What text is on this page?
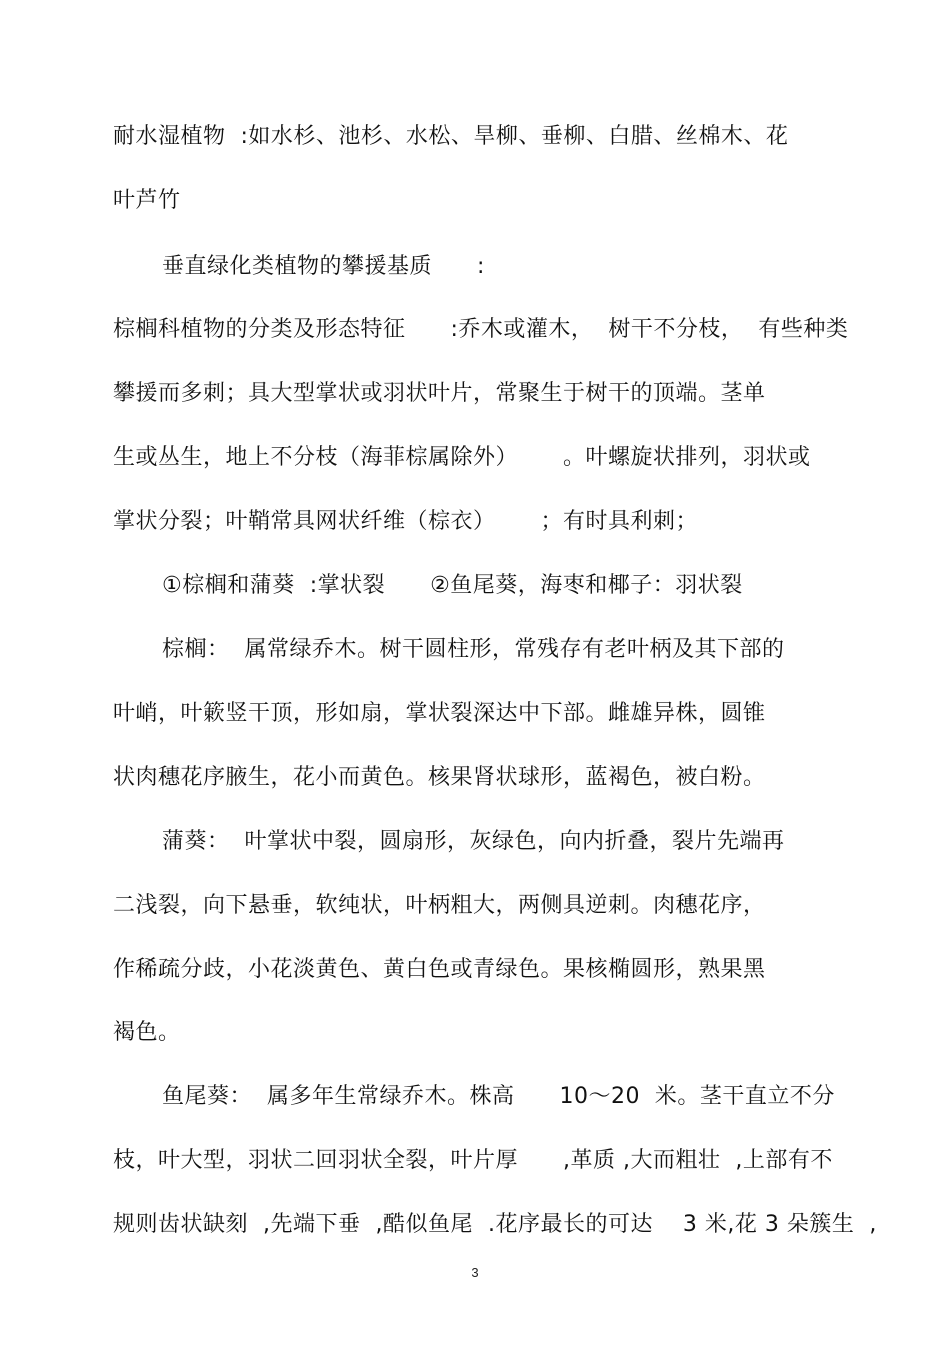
耐水湿植物  :如水杉、池杉、水松、旱柳、垂柳、白腊、丝棉木、花
叶芦竹
垂直绿化类植物的攀援基质      :
棕榈科植物的分类及形态特征      :乔木或灌木，  树干不分枝，  有些种类
攀援而多刺；具大型掌状或羽状叶片，常聚生于树干的顶端。茎单
生或丛生，地上不分枝（海菲棕属除外）      。叶螺旋状排列，羽状或
掌状分裂；叶鞘常具网状纤维（棕衣）      ；有时具利刺；
①棕榈和蒲葵  :掌状裂      ②鱼尾葵，海枣和椰子：羽状裂
棕榈：  属常绿乔木。树干圆柱形，常残存有老叶柄及其下部的
叶峭，叶簌竖干顶，形如扇，掌状裂深达中下部。雌雄异株，圆锥
状肉穗花序腋生，花小而黄色。核果肾状球形，蓝褐色，被白粉。
蒲葵：  叶掌状中裂，圆扇形，灰绿色，向内折叠，裂片先端再
二浅裂，向下悬垂，软纯状，叶柄粗大，两侧具逆刺。肉穗花序，
作稀疏分歧，小花淡黄色、黄白色或青绿色。果核椭圆形，熟果黑
褐色。
鱼尾葵：  属多年生常绿乔木。株高      10～20  米。茎干直立不分
枝，叶大型，羽状二回羽状全裂，叶片厚      ,革质 ,大而粗壮  ,上部有不
规则齿状缺刻  ,先端下垂  ,酷似鱼尾  .花序最长的可达    3 米,花 3 朵簇生  ,
3
